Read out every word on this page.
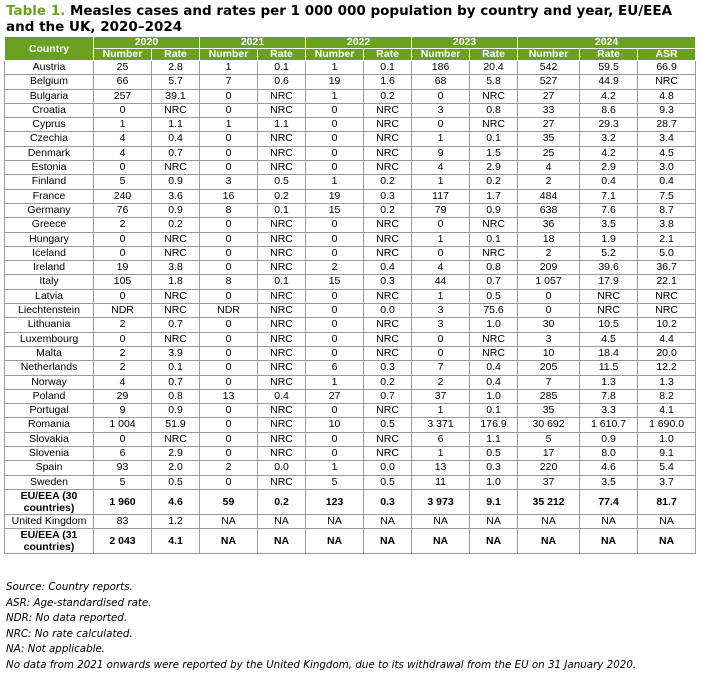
Table 1. Measles cases and rates per 1 000 000 population by country and year, EU/EEA and the UK, 2020–2024
Country	2020		2021		2022		2023		2024		
	Number	Rate	Number	Rate	Number	Rate	Number	Rate	Number	Rate	ASR
Austria	25	2.8	1	0.1	1	0.1	186	20.4	542	59.5	66.9
Belgium	66	5.7	7	0.6	19	1.6	68	5.8	527	44.9	NRC
Bulgaria	257	39.1	0	NRC	1	0.2	0	NRC	27	4.2	4.8
Croatia	0	NRC	0	NRC	0	NRC	3	0.8	33	8.6	9.3
Cyprus	1	1.1	1	1.1	0	NRC	0	NRC	27	29.3	28.7
Czechia	4	0.4	0	NRC	0	NRC	1	0.1	35	3.2	3.4
Denmark	4	0.7	0	NRC	0	NRC	9	1.5	25	4.2	4.5
Estonia	0	NRC	0	NRC	0	NRC	4	2.9	4	2.9	3.0
Finland	5	0.9	3	0.5	1	0.2	1	0.2	2	0.4	0.4
France	240	3.6	16	0.2	19	0.3	117	1.7	484	7.1	7.5
Germany	76	0.9	8	0.1	15	0.2	79	0.9	638	7.6	8.7
Greece	2	0.2	0	NRC	0	NRC	0	NRC	36	3.5	3.8
Hungary	0	NRC	0	NRC	0	NRC	1	0.1	18	1.9	2.1
Iceland	0	NRC	0	NRC	0	NRC	0	NRC	2	5.2	5.0
Ireland	19	3.8	0	NRC	2	0.4	4	0.8	209	39.6	36.7
Italy	105	1.8	8	0.1	15	0.3	44	0.7	1 057	17.9	22.1
Latvia	0	NRC	0	NRC	0	NRC	1	0.5	0	NRC	NRC
Liechtenstein	NDR	NRC	NDR	NRC	0	0.0	3	75.6	0	NRC	NRC
Lithuania	2	0.7	0	NRC	0	NRC	3	1.0	30	10.5	10.2
Luxembourg	0	NRC	0	NRC	0	NRC	0	NRC	3	4.5	4.4
Malta	2	3.9	0	NRC	0	NRC	0	NRC	10	18.4	20.0
Netherlands	2	0.1	0	NRC	6	0.3	7	0.4	205	11.5	12.2
Norway	4	0.7	0	NRC	1	0.2	2	0.4	7	1.3	1.3
Poland	29	0.8	13	0.4	27	0.7	37	1.0	285	7.8	8.2
Portugal	9	0.9	0	NRC	0	NRC	1	0.1	35	3.3	4.1
Romania	1 004	51.9	0	NRC	10	0.5	3 371	176.9	30 692	1 610.7	1 690.0
Slovakia	0	NRC	0	NRC	0	NRC	6	1.1	5	0.9	1.0
Slovenia	6	2.9	0	NRC	0	NRC	1	0.5	17	8.0	9.1
Spain	93	2.0	2	0.0	1	0.0	13	0.3	220	4.6	5.4
Sweden	5	0.5	0	NRC	5	0.5	11	1.0	37	3.5	3.7
EU/EEA (30 countries)	1 960	4.6	59	0.2	123	0.3	3 973	9.1	35 212	77.4	81.7
United Kingdom	83	1.2	NA	NA	NA	NA	NA	NA	NA	NA	NA
EU/EEA (31 countries)	2 043	4.1	NA	NA	NA	NA	NA	NA	NA	NA	NA
Source: Country reports.
ASR: Age-standardised rate.
NDR: No data reported.
NRC: No rate calculated.
NA: Not applicable.
No data from 2021 onwards were reported by the United Kingdom, due to its withdrawal from the EU on 31 January 2020.
